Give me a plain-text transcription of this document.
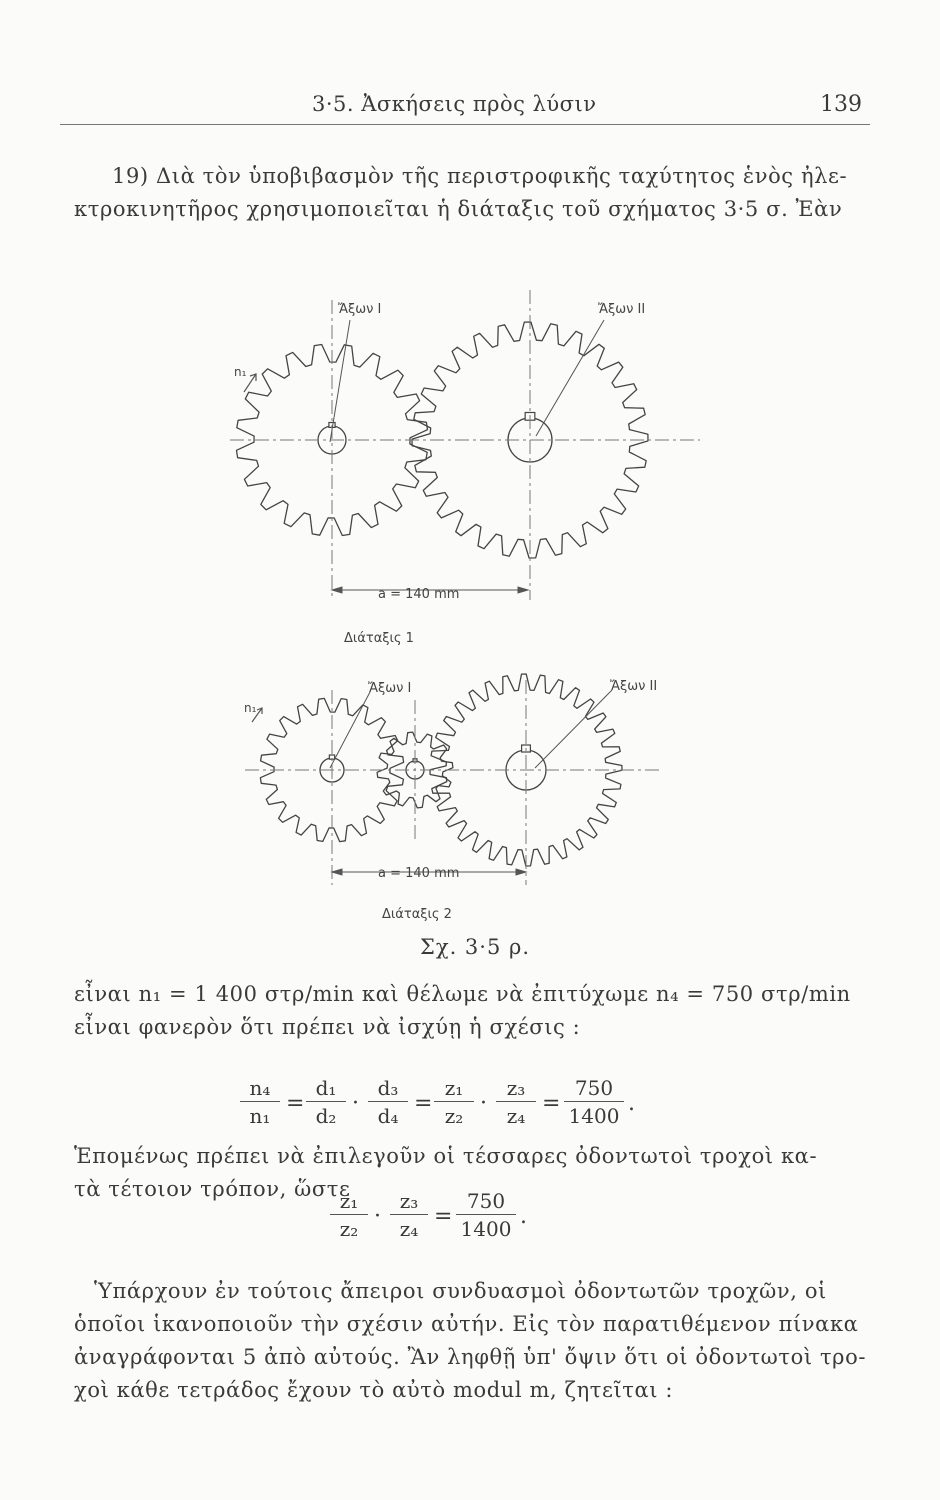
3·5. Ἀσκήσεις πρὸς λύσιν	139

19) Διὰ τὸν ὑποβιβασμὸν τῆς περιστροφικῆς ταχύτητος ἑνὸς ἠλε-
κτροκινητῆρος χρησιμοποιεῖται ἡ διάταξις τοῦ σχήματος 3·5 σ. Ἐὰν

Ἄξων I	Ἄξων II
n₁
a = 140 mm
Διάταξις 1
Ἄξων I	Ἄξων II
n₁
a = 140 mm
Διάταξις 2
Σχ. 3·5 ρ.

εἶναι n₁ = 1 400 στρ/min καὶ θέλωμε νὰ ἐπιτύχωμε n₄ = 750 στρ/min
εἶναι φανερὸν ὅτι πρέπει νὰ ἰσχύῃ ἡ σχέσις :

$\frac{\text{n₄}}{\text{n₁}} = \frac{\text{d₁}}{\text{d₂}} \cdot \frac{\text{d₃}}{\text{d₄}} = \frac{\text{z₁}}{\text{z₂}} \cdot \frac{\text{z₃}}{\text{z₄}} = \frac{750}{1400}$ .

Ἑπομένως πρέπει νὰ ἐπιλεγοῦν οἱ τέσσαρες ὀδοντωτοὶ τροχοὶ κα-
τὰ τέτοιον τρόπον, ὥστε

$\frac{\text{z₁}}{\text{z₂}} \cdot \frac{\text{z₃}}{\text{z₄}} = \frac{750}{1400}$ .

Ὑπάρχουν ἐν τούτοις ἄπειροι συνδυασμοὶ ὀδοντωτῶν τροχῶν, οἱ
ὁποῖοι ἱκανοποιοῦν τὴν σχέσιν αὐτήν. Εἰς τὸν παρατιθέμενον πίνακα
ἀναγράφονται 5 ἀπὸ αὐτούς. Ἂν ληφθῇ ὑπ' ὄψιν ὅτι οἱ ὀδοντωτοὶ τρο-
χοὶ κάθε τετράδος ἔχουν τὸ αὐτὸ modul m, ζητεῖται :
